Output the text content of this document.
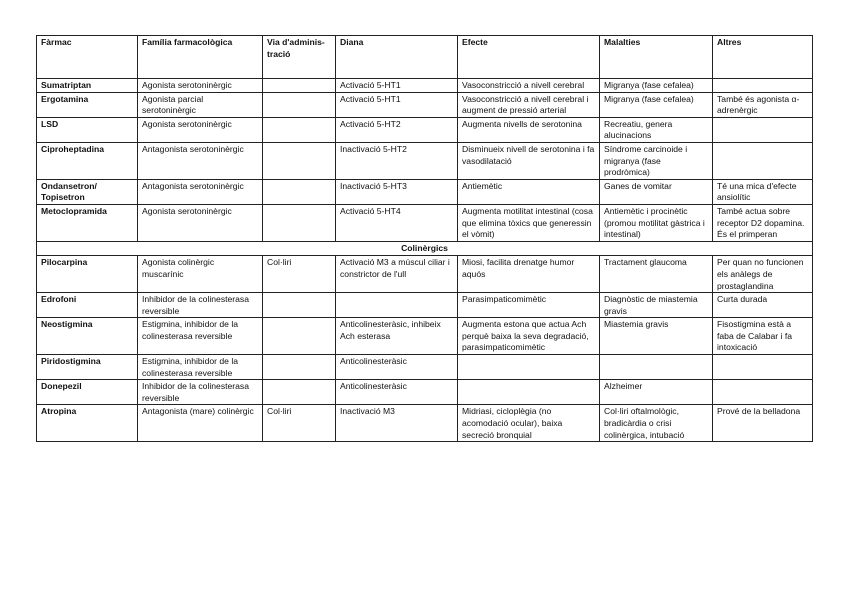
Fàrmac	Família farmacològica	Via d'adminis-tració	Diana	Efecte	Malalties	Altres
Sumatriptan	Agonista serotoninèrgic		Activació 5-HT1	Vasoconstricció a nivell cerebral	Migranya (fase cefalea)	
Ergotamina	Agonista parcial serotoninèrgic		Activació 5-HT1	Vasoconstricció a nivell cerebral i augment de pressió arterial	Migranya (fase cefalea)	També és agonista α-adrenèrgic
LSD	Agonista serotoninèrgic		Activació 5-HT2	Augmenta nivells de serotonina	Recreatiu, genera alucinacions	
Ciproheptadina	Antagonista serotoninèrgic		Inactivació 5-HT2	Disminueix nivell de serotonina i fa vasodilatació	Síndrome carcinoide i migranya (fase prodròmica)	
Ondansetron/ Topisetron	Antagonista serotoninèrgic		Inactivació 5-HT3	Antiemètic	Ganes de vomitar	Té una mica d'efecte ansiolític
Metoclopramida	Agonista serotoninèrgic		Activació 5-HT4	Augmenta motilitat intestinal (cosa que elimina tòxics que generessin el vòmit)	Antiemètic i procinètic (promou motilitat gàstrica i intestinal)	També actua sobre receptor D2 dopamina. És el primperan
Colinèrgics						
Pilocarpina	Agonista colinèrgic muscarínic	Col·liri	Activació M3 a múscul ciliar i constrictor de l'ull	Miosi, facilita drenatge humor aquós	Tractament glaucoma	Per quan no funcionen els anàlegs de prostaglandina
Edrofoni	Inhibidor de la colinesterasa reversible			Parasimpaticomimètic	Diagnòstic de miastemia gravis	Curta durada
Neostigmina	Estigmina, inhibidor de la colinesterasa reversible		Anticolinesteràsic, inhibeix Ach esterasa	Augmenta estona que actua Ach perquè baixa la seva degradació, parasimpaticomimètic	Miastemia gravis	Fisostigmina està a faba de Calabar i fa intoxicació
Piridostigmina	Estigmina, inhibidor de la colinesterasa reversible		Anticolinesteràsic			
Donepezil	Inhibidor de la colinesterasa reversible		Anticolinesteràsic		Alzheimer	
Atropina	Antagonista (mare) colinèrgic	Col·liri	Inactivació M3	Midriasi, cicloplègia (no acomodació ocular), baixa secreció bronquial	Col·liri oftalmològic, bradicàrdia o crisi colinèrgica, intubació	Prové de la belladona
